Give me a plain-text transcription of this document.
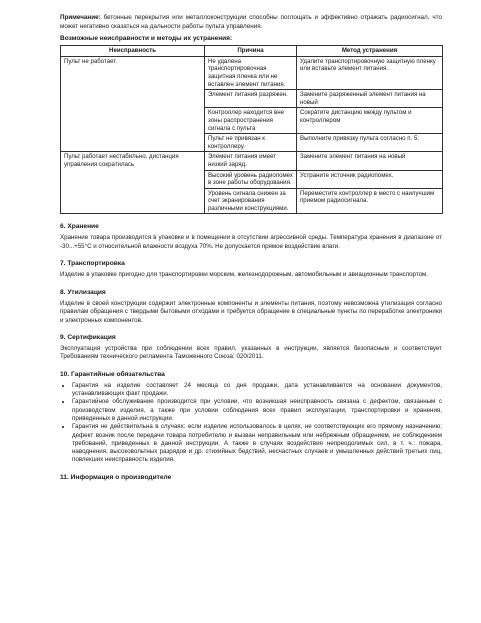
Примечание: бетонные перекрытия или металлоконструкции способны поглощать и эффективно отражать радиосигнал, что может негативно сказаться на дальности работы пульта управления.

Возможные неисправности и методы их устранения:
Неисправность	Причина	Метод устранения
Пульт не работает.	Не удалена транспортировочная защитная пленка или не вставлен элемент питания.	Удалите транспортировочную защитную пленку или вставьте элемент питания.
	Элемент питания разряжен.	Замените разряженный элемент питания на новый
	Контроллер находится вне зоны распространения сигнала с пульта	Сократите дистанцию между пультом и контроллером
	Пульт не привязан к контроллеру.	Выполните привязку пульта согласно п. 5.
Пульт работает нестабильно, дистанция управления сократилась	Элемент питания имеет низкий заряд.	Замените элемент питания на новый
	Высокий уровень радиопомех в зоне работы оборудования.	Устраните источник радиопомех.
	Уровень сигнала снижен за счет экранирования различными конструкциями.	Переместите контроллер в место с наилучшим приемом радиосигнала.
6. Хранение

Хранение товара производится в упаковке и в помещении в отсутствии агрессивной среды. Температура хранения в диапазоне от -30...+55°С и относительной влажности воздуха 70%. Не допускается прямое воздействие влаги.

7. Транспортировка

Изделие в упаковке пригодно для транспортировки морским, железнодорожным, автомобильным и авиационным транспортом.

8. Утилизация

Изделие в своей конструкции содержит электронные компоненты и элементы питания, поэтому невозможна утилизация согласно правилам обращения с твердыми бытовыми отходами и требуется обращение в специальные пункты по переработке электроники и электронных компонентов.

9. Сертификация

Эксплуатация устройства при соблюдении всех правил, указанных в инструкции, является безопасным и соответствует Требованиям технического регламента Таможенного Союза: 020/2011.

10. Гарантийные обязательства
• Гарантия на изделие составляет 24 месяца со дня продажи, дата устанавливается на основании документов, устанавливающих факт продажи.
• Гарантийное обслуживание производится при условии, что возникшая неисправность связана с дефектом, связанным с производством изделия, а также при условии соблюдения всех правил эксплуатации, транспортировки и хранения, приведенных в данной инструкции.
• Гарантия не действительна в случаях: если изделие использовалось в целях, не соответствующих его прямому назначению; дефект возник после передачи товара потребителю и вызван неправильным или небрежным обращением, не соблюдением требований, приведенных в данной инструкции. А также в случаях воздействия непреодолимых сил, в т. ч.: пожара, наводнения, высоковольтных разрядов и др. стихийных бедствий, несчастных случаев и умышленных действий третьих лиц, повлекших неисправность изделия.
11. Информация о производителе
